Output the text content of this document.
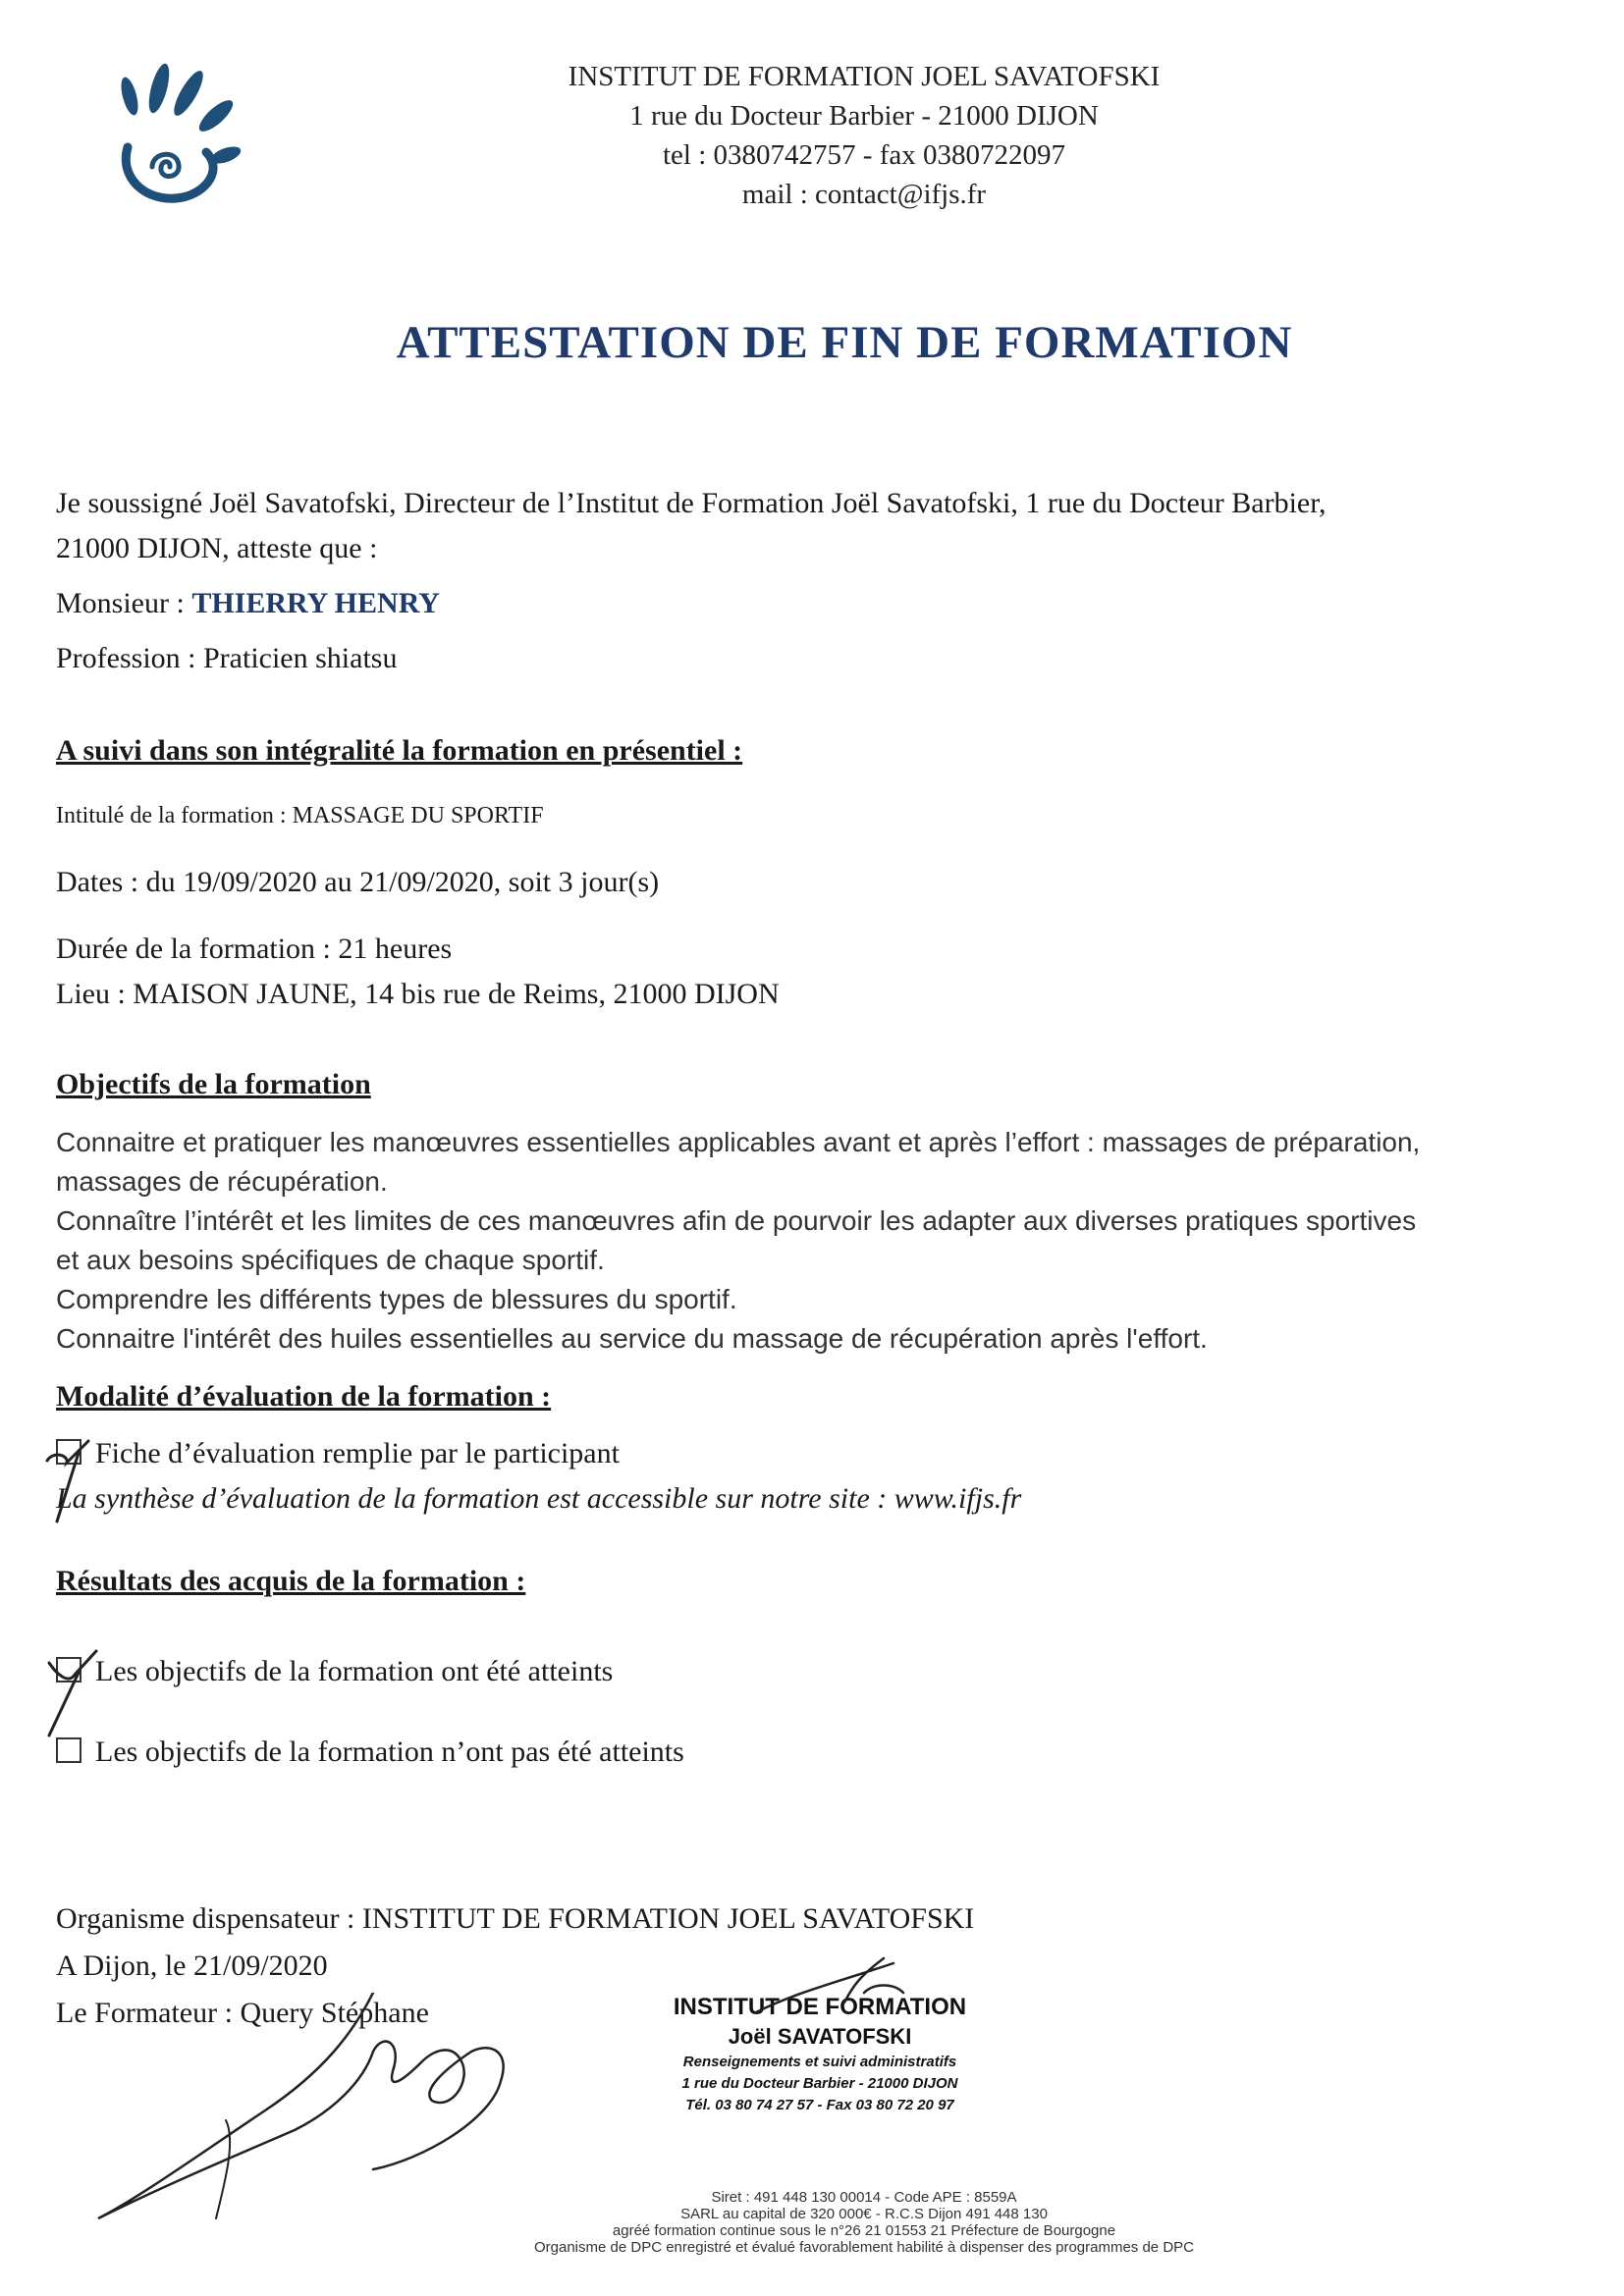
INSTITUT DE FORMATION JOEL SAVATOFSKI
1 rue du Docteur Barbier - 21000 DIJON
tel : 0380742757 - fax 0380722097
mail : contact@ifjs.fr
ATTESTATION DE FIN DE FORMATION
Je soussigné Joël Savatofski, Directeur de l’Institut de Formation Joël Savatofski, 1 rue du Docteur Barbier,
21000 DIJON, atteste que :
Monsieur : THIERRY HENRY
Profession : Praticien shiatsu
A suivi dans son intégralité la formation en présentiel :
Intitulé de la formation : MASSAGE DU SPORTIF
Dates : du 19/09/2020 au 21/09/2020, soit 3 jour(s)
Durée de la formation : 21 heures
Lieu : MAISON JAUNE, 14 bis rue de Reims, 21000 DIJON
Objectifs de la formation
Connaitre et pratiquer les manœuvres essentielles applicables avant et après l’effort : massages de préparation,
massages de récupération.
Connaître l’intérêt et les limites de ces manœuvres afin de pourvoir les adapter aux diverses pratiques sportives
et aux besoins spécifiques de chaque sportif.
Comprendre les différents types de blessures du sportif.
Connaitre l'intérêt des huiles essentielles au service du massage de récupération après l'effort.
Modalité d’évaluation de la formation :
Fiche d’évaluation remplie par le participant
La synthèse d’évaluation de la formation est accessible sur notre site : www.ifjs.fr
Résultats des acquis de la formation :
Les objectifs de la formation ont été atteints
Les objectifs de la formation n’ont pas été atteints
Organisme dispensateur : INSTITUT DE FORMATION JOEL SAVATOFSKI
A Dijon, le 21/09/2020
Le Formateur : Query Stéphane	INSTITUT DE FORMATION
Joël SAVATOFSKI
Renseignements et suivi administratifs
1 rue du Docteur Barbier - 21000 DIJON
Tél. 03 80 74 27 57 - Fax 03 80 72 20 97
Siret : 491 448 130 00014 - Code APE : 8559A
SARL au capital de 320 000€ - R.C.S Dijon 491 448 130
agréé formation continue sous le n°26 21 01553 21 Préfecture de Bourgogne
Organisme de DPC enregistré et évalué favorablement habilité à dispenser des programmes de DPC
